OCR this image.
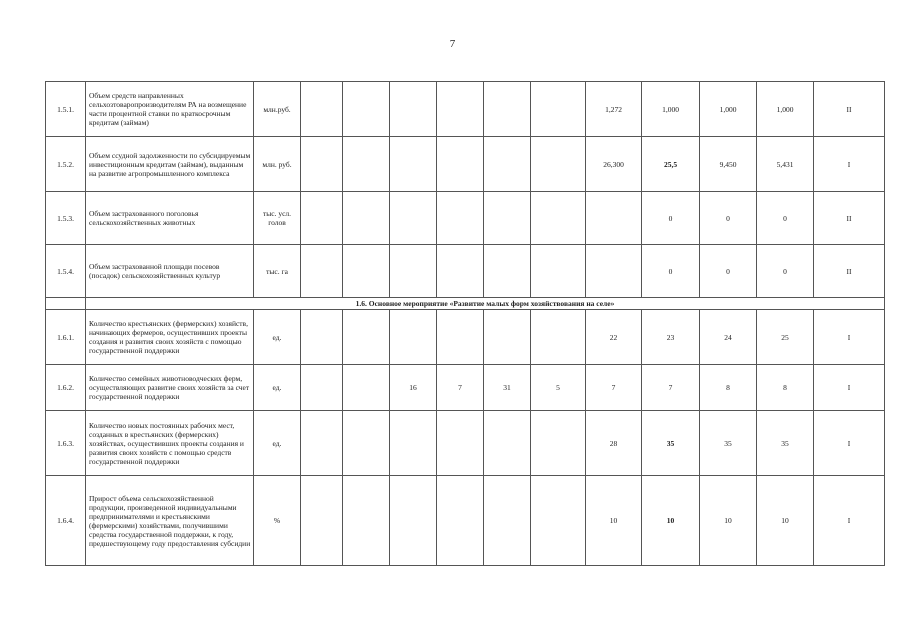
7
1.5.1.	Объем средств направленных сельхозтоваропроизводителям РА на возмещение части процентной ставки по краткосрочным кредитам (займам)	млн.руб.							1,272	1,000	1,000	1,000	II
1.5.2.	Объем ссудной задолженности по субсидируемым инвестиционным кредитам (займам), выданным на развитие агропромышленного комплекса	млн. руб.							26,300	25,5	9,450	5,431	I
1.5.3.	Объем застрахованного поголовья сельскохозяйственных животных	тыс. усл. голов								0	0	0	II
1.5.4.	Объем застрахованной площади посевов (посадок) сельскохозяйственных культур	тыс. га								0	0	0	II
	1.6. Основное мероприятие «Развитие малых форм хозяйствования на селе»												
1.6.1.	Количество крестьянских (фермерских) хозяйств, начинающих фермеров, осуществивших проекты создания и развития своих хозяйств с помощью государственной поддержки	ед.							22	23	24	25	I
1.6.2.	Количество семейных животноводческих ферм, осуществляющих развитие своих хозяйств за счет государственной поддержки	ед.			16	7	31	5	7	7	8	8	I
1.6.3.	Количество новых постоянных рабочих мест, созданных в крестьянских (фермерских) хозяйствах, осуществивших проекты создания и развития своих хозяйств с помощью средств государственной поддержки	ед.							28	35	35	35	I
1.6.4.	Прирост объема сельскохозяйственной продукции, произведенной индивидуальными предпринимателями и крестьянскими (фермерскими) хозяйствами, получившими средства государственной поддержки, к году, предшествующему году предоставления субсидии	%							10	10	10	10	I
